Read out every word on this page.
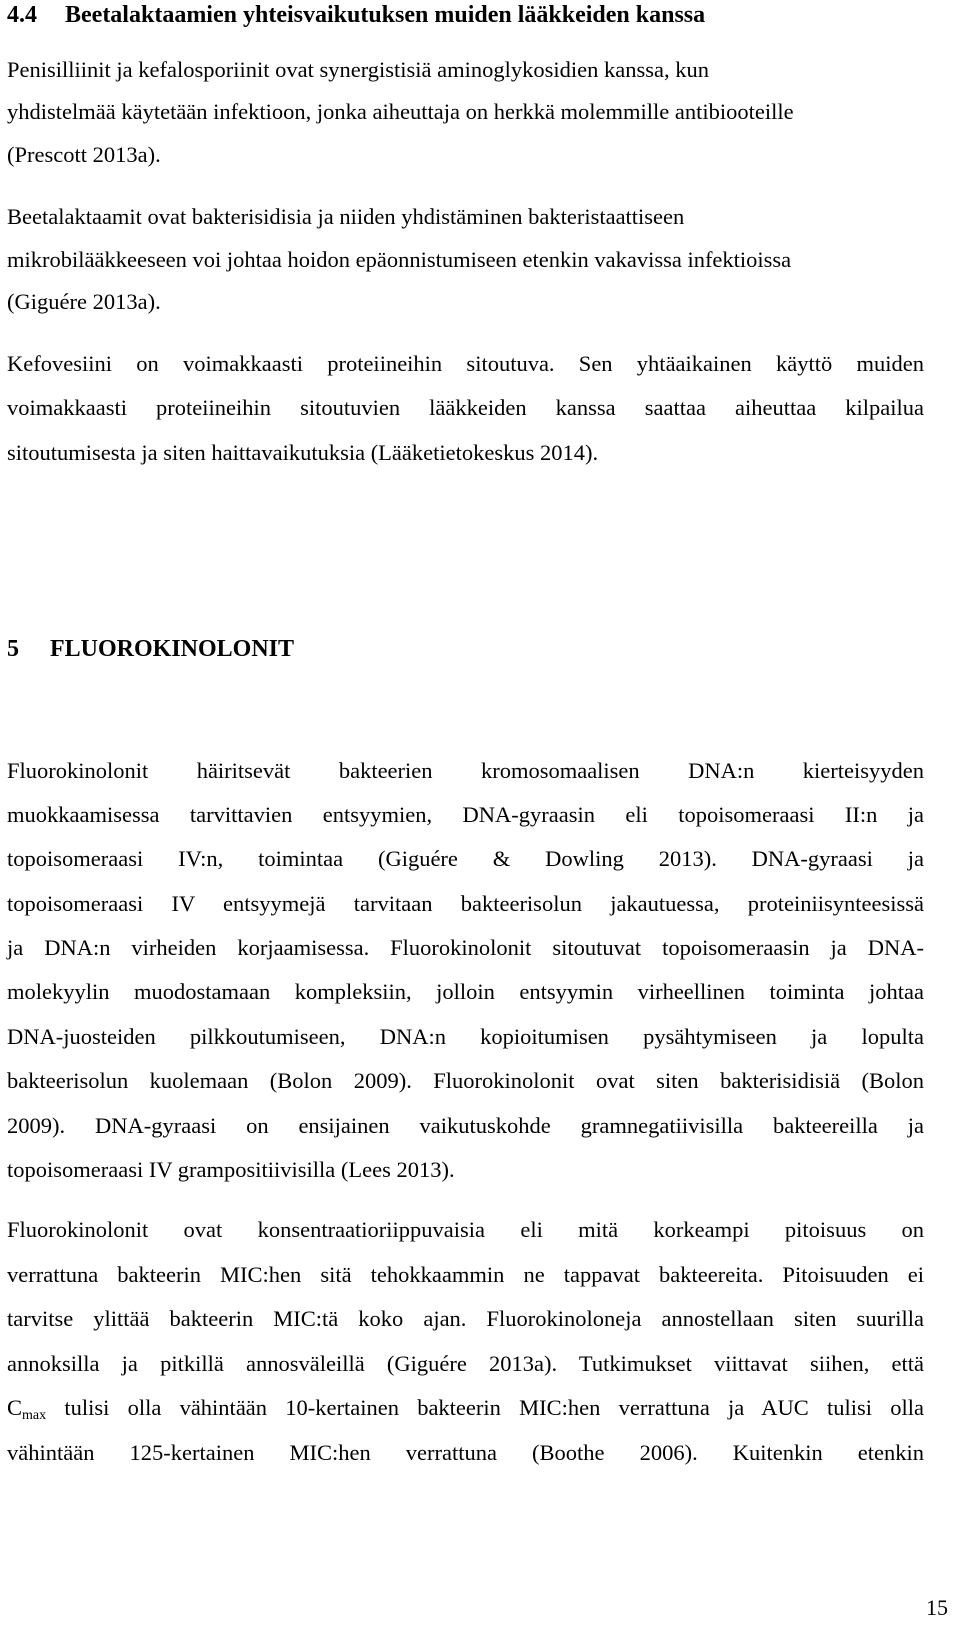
4.4 Beetalaktaamien yhteisvaikutuksen muiden lääkkeiden kanssa
Penisilliinit ja kefalosporiinit ovat synergistisiä aminoglykosidien kanssa, kun
yhdistelmää käytetään infektioon, jonka aiheuttaja on herkkä molemmille antibiooteille
(Prescott 2013a).
Beetalaktaamit ovat bakterisidisia ja niiden yhdistäminen bakteristaattiseen
mikrobilääkkeeseen voi johtaa hoidon epäonnistumiseen etenkin vakavissa infektioissa
(Giguére 2013a).
Kefovesiini on voimakkaasti proteiineihin sitoutuva. Sen yhtäaikainen käyttö muiden
voimakkaasti proteiineihin sitoutuvien lääkkeiden kanssa saattaa aiheuttaa kilpailua
sitoutumisesta ja siten haittavaikutuksia (Lääketietokeskus 2014).
5 FLUOROKINOLONIT
Fluorokinolonit häiritsevät bakteerien kromosomaalisen DNA:n kierteisyyden
muokkaamisessa tarvittavien entsyymien, DNA-gyraasin eli topoisomeraasi II:n ja
topoisomeraasi IV:n, toimintaa (Giguére & Dowling 2013). DNA-gyraasi ja
topoisomeraasi IV entsyymejä tarvitaan bakteerisolun jakautuessa, proteiniisynteesissä
ja DNA:n virheiden korjaamisessa. Fluorokinolonit sitoutuvat topoisomeraasin ja DNA-
molekyylin muodostamaan kompleksiin, jolloin entsyymin virheellinen toiminta johtaa
DNA-juosteiden pilkkoutumiseen, DNA:n kopioitumisen pysähtymiseen ja lopulta
bakteerisolun kuolemaan (Bolon 2009). Fluorokinolonit ovat siten bakterisidisiä (Bolon
2009). DNA-gyraasi on ensijainen vaikutuskohde gramnegatiivisilla bakteereilla ja
topoisomeraasi IV grampositiivisilla (Lees 2013).
Fluorokinolonit ovat konsentraatioriippuvaisia eli mitä korkeampi pitoisuus on
verrattuna bakteerin MIC:hen sitä tehokkaammin ne tappavat bakteereita. Pitoisuuden ei
tarvitse ylittää bakteerin MIC:tä koko ajan. Fluorokinoloneja annostellaan siten suurilla
annoksilla ja pitkillä annosväleillä (Giguére 2013a). Tutkimukset viittavat siihen, että
$C_{max}$ tulisi olla vähintään 10-kertainen bakteerin MIC:hen verrattuna ja AUC tulisi olla
vähintään 125-kertainen MIC:hen verrattuna (Boothe 2006). Kuitenkin etenkin
15
